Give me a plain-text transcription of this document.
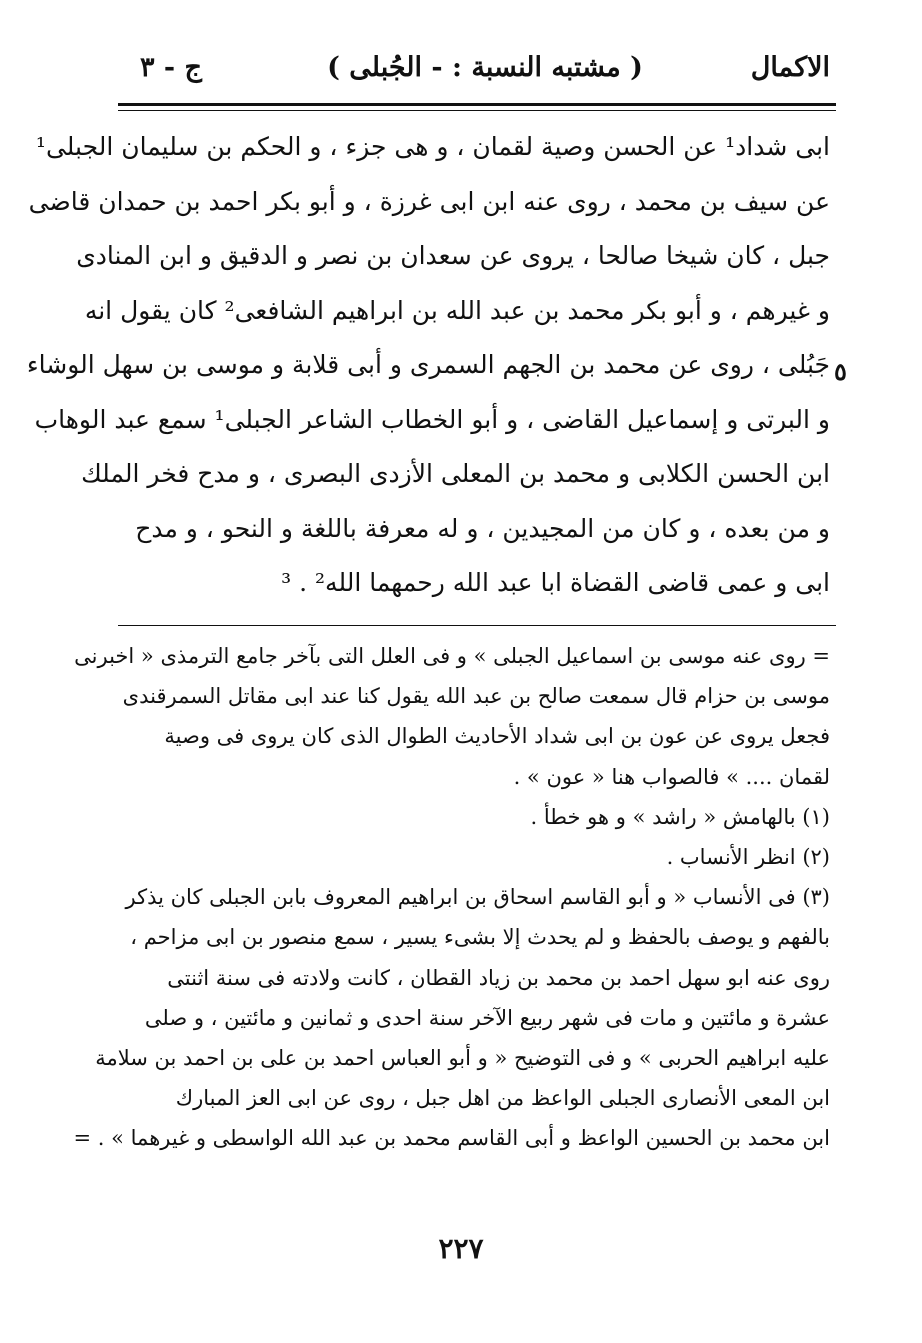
الاكمال
( مشتبه النسبة : - الجُبلى )
ج - ٣
ابى شداد¹ عن الحسن وصية لقمان ، و هى جزء ، و الحكم بن سليمان الجبلى¹
عن سيف بن محمد ، روى عنه ابن ابى غرزة ، و أبو بكر احمد بن حمدان قاضى
جبل ، كان شيخا صالحا ، يروى عن سعدان بن نصر و الدقيق و ابن المنادى
و غيرهم ، و أبو بكر محمد بن عبد الله بن ابراهيم الشافعى² كان يقول انه
جَبُلى ، روى عن محمد بن الجهم السمرى و أبى قلابة و موسى بن سهل الوشاء
و البرتى و إسماعيل القاضى ، و أبو الخطاب الشاعر الجبلى¹ سمع عبد الوهاب
ابن الحسن الكلابى و محمد بن المعلى الأزدى البصرى ، و مدح فخر الملك
و من بعده ، و كان من المجيدين ، و له معرفة باللغة و النحو ، و مدح
ابى و عمى قاضى القضاة ابا عبد الله رحمهما الله² . ³
٥
= روى عنه موسى بن اسماعيل الجبلى » و فى العلل التى بآخر جامع الترمذى « اخبرنى
موسى بن حزام قال سمعت صالح بن عبد الله يقول كنا عند ابى مقاتل السمرقندى
فجعل يروى عن عون بن ابى شداد الأحاديث الطوال الذى كان يروى فى وصية
لقمان .... » فالصواب هنا « عون » .
(١) بالهامش « راشد » و هو خطأ .
(٢) انظر الأنساب .
(٣) فى الأنساب « و أبو القاسم اسحاق بن ابراهيم المعروف بابن الجبلى كان يذكر
بالفهم و يوصف بالحفظ و لم يحدث إلا بشىء يسير ، سمع منصور بن ابى مزاحم ،
روى عنه ابو سهل احمد بن محمد بن زياد القطان ، كانت ولادته فى سنة اثنتى
عشرة و مائتين و مات فى شهر ربيع الآخر سنة احدى و ثمانين و مائتين ، و صلى
عليه ابراهيم الحربى » و فى التوضيح « و أبو العباس احمد بن على بن احمد بن سلامة
ابن المعى الأنصارى الجبلى الواعظ من اهل جبل ، روى عن ابى العز المبارك
ابن محمد بن الحسين الواعظ و أبى القاسم محمد بن عبد الله الواسطى و غيرهما » . =
٢٢٧
